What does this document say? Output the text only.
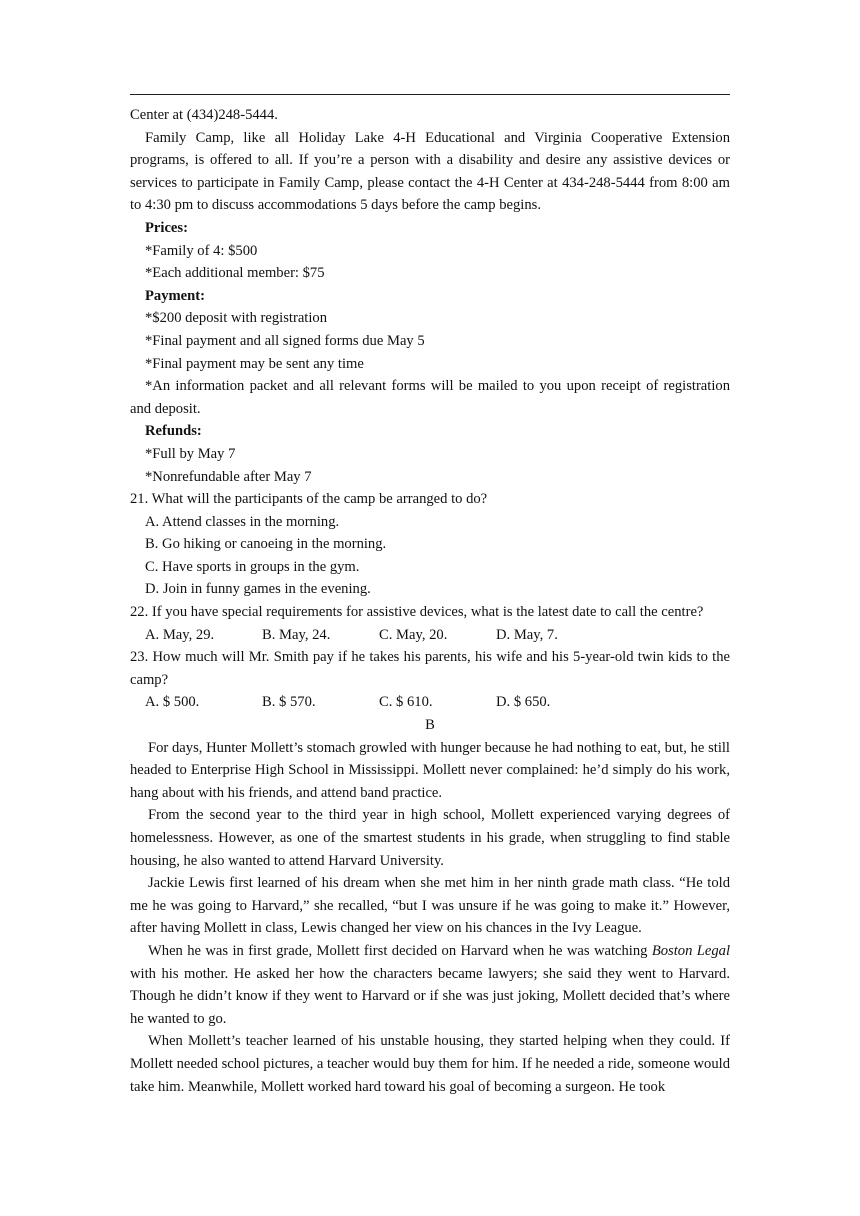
Center at (434)248-5444.

Family Camp, like all Holiday Lake 4-H Educational and Virginia Cooperative Extension programs, is offered to all. If you’re a person with a disability and desire any assistive devices or services to participate in Family Camp, please contact the 4-H Center at 434-248-5444 from 8:00 am to 4:30 pm to discuss accommodations 5 days before the camp begins.

Prices:

*Family of 4: $500

*Each additional member: $75

Payment:

*$200 deposit with registration

*Final payment and all signed forms due May 5

*Final payment may be sent any time

*An information packet and all relevant forms will be mailed to you upon receipt of registration and deposit.

Refunds:

*Full by May 7

*Nonrefundable after May 7

21. What will the participants of the camp be arranged to do?

A. Attend classes in the morning.

B. Go hiking or canoeing in the morning.

C. Have sports in groups in the gym.

D. Join in funny games in the evening.

22. If you have special requirements for assistive devices, what is the latest date to call the centre?

A. May, 29.	B. May, 24.	C. May, 20.	D. May, 7.

23. How much will Mr. Smith pay if he takes his parents, his wife and his 5-year-old twin kids to the camp?

A. $ 500.	B. $ 570.	C. $ 610.	D. $ 650.

B

For days, Hunter Mollett’s stomach growled with hunger because he had nothing to eat, but, he still headed to Enterprise High School in Mississippi. Mollett never complained: he’d simply do his work, hang about with his friends, and attend band practice.

From the second year to the third year in high school, Mollett experienced varying degrees of homelessness. However, as one of the smartest students in his grade, when struggling to find stable housing, he also wanted to attend Harvard University.

Jackie Lewis first learned of his dream when she met him in her ninth grade math class. “He told me he was going to Harvard,” she recalled, “but I was unsure if he was going to make it.” However, after having Mollett in class, Lewis changed her view on his chances in the Ivy League.

When he was in first grade, Mollett first decided on Harvard when he was watching Boston Legal with his mother. He asked her how the characters became lawyers; she said they went to Harvard. Though he didn’t know if they went to Harvard or if she was just joking, Mollett decided that’s where he wanted to go.

When Mollett’s teacher learned of his unstable housing, they started helping when they could. If Mollett needed school pictures, a teacher would buy them for him. If he needed a ride, someone would take him. Meanwhile, Mollett worked hard toward his goal of becoming a surgeon. He took
